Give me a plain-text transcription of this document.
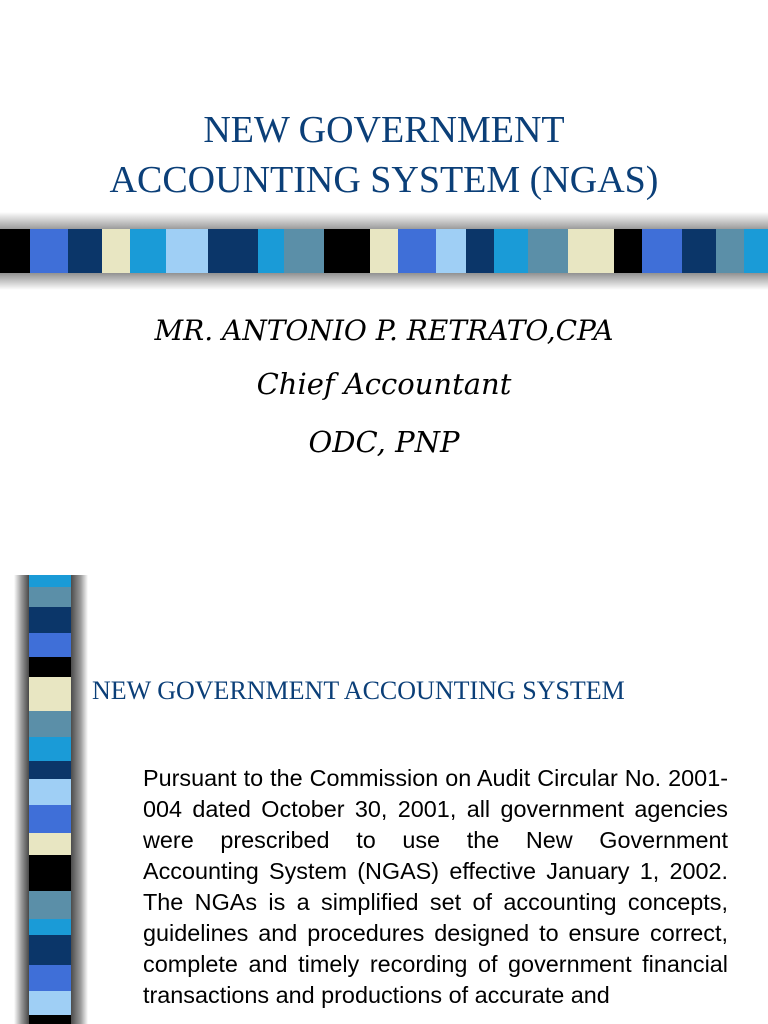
NEW GOVERNMENT
ACCOUNTING SYSTEM (NGAS)
MR. ANTONIO P. RETRATO,CPA
Chief Accountant
ODC, PNP
NEW GOVERNMENT ACCOUNTING SYSTEM
Pursuant to the Commission on Audit Circular No. 2001-004 dated October 30, 2001, all government agencies were prescribed to use the New Government Accounting System (NGAS) effective January 1, 2002. The NGAs is a simplified set of accounting concepts, guidelines and procedures designed to ensure correct, complete and timely recording of government financial transactions and productions of accurate and
